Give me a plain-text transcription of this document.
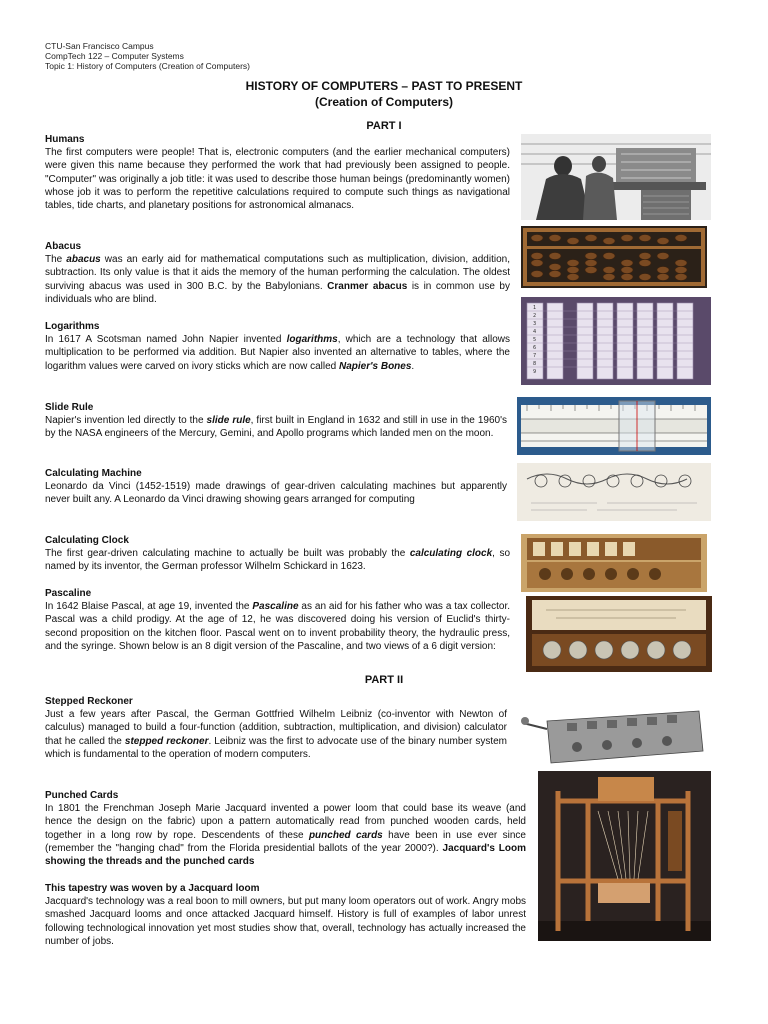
CTU-San Francisco Campus
CompTech 122 – Computer Systems
Topic 1: History of Computers (Creation of Computers)
HISTORY OF COMPUTERS – PAST TO PRESENT
(Creation of Computers)
PART I
Humans

The first computers were people! That is, electronic computers (and the earlier mechanical computers) were given this name because they performed the work that had previously been assigned to people. "Computer" was originally a job title: it was used to describe those human beings (predominantly women) whose job it was to perform the repetitive calculations required to compute such things as navigational tables, tide charts, and planetary positions for astronomical almanacs.

Abacus

The abacus was an early aid for mathematical computations such as multiplication, division, addition, subtraction. Its only value is that it aids the memory of the human performing the calculation. The oldest surviving abacus was used in 300 B.C. by the Babylonians. Cranmer abacus is in common use by individuals who are blind.

Logarithms

In 1617 A Scotsman named John Napier invented logarithms, which are a technology that allows multiplication to be performed via addition. But Napier also invented an alternative to tables, where the logarithm values were carved on ivory sticks which are now called Napier's Bones.

Slide Rule

Napier's invention led directly to the slide rule, first built in England in 1632 and still in use in the 1960's by the NASA engineers of the Mercury, Gemini, and Apollo programs which landed men on the moon.

Calculating Machine

Leonardo da Vinci (1452-1519) made drawings of gear-driven calculating machines but apparently never built any. A Leonardo da Vinci drawing showing gears arranged for computing

Calculating Clock

The first gear-driven calculating machine to actually be built was probably the calculating clock, so named by its inventor, the German professor Wilhelm Schickard in 1623.

Pascaline

In 1642 Blaise Pascal, at age 19, invented the Pascaline as an aid for his father who was a tax collector. Pascal was a child prodigy. At the age of 12, he was discovered doing his version of Euclid's thirty-second proposition on the kitchen floor. Pascal went on to invent probability theory, the hydraulic press, and the syringe. Shown below is an 8 digit version of the Pascaline, and two views of a 6 digit version:

PART II
Stepped Reckoner

Just a few years after Pascal, the German Gottfried Wilhelm Leibniz (co-inventor with Newton of calculus) managed to build a four-function (addition, subtraction, multiplication, and division) calculator that he called the stepped reckoner. Leibniz was the first to advocate use of the binary number system which is fundamental to the operation of modern computers.

Punched Cards

In 1801 the Frenchman Joseph Marie Jacquard invented a power loom that could base its weave (and hence the design on the fabric) upon a pattern automatically read from punched wooden cards, held together in a long row by rope. Descendents of these punched cards have been in use ever since (remember the "hanging chad" from the Florida presidential ballots of the year 2000?). Jacquard's Loom showing the threads and the punched cards

This tapestry was woven by a Jacquard loom

Jacquard's technology was a real boon to mill owners, but put many loom operators out of work. Angry mobs smashed Jacquard looms and once attacked Jacquard himself. History is full of examples of labor unrest following technological innovation yet most studies show that, overall, technology has actually increased the number of jobs.

1
2
3
4
5
6
7
8
9
